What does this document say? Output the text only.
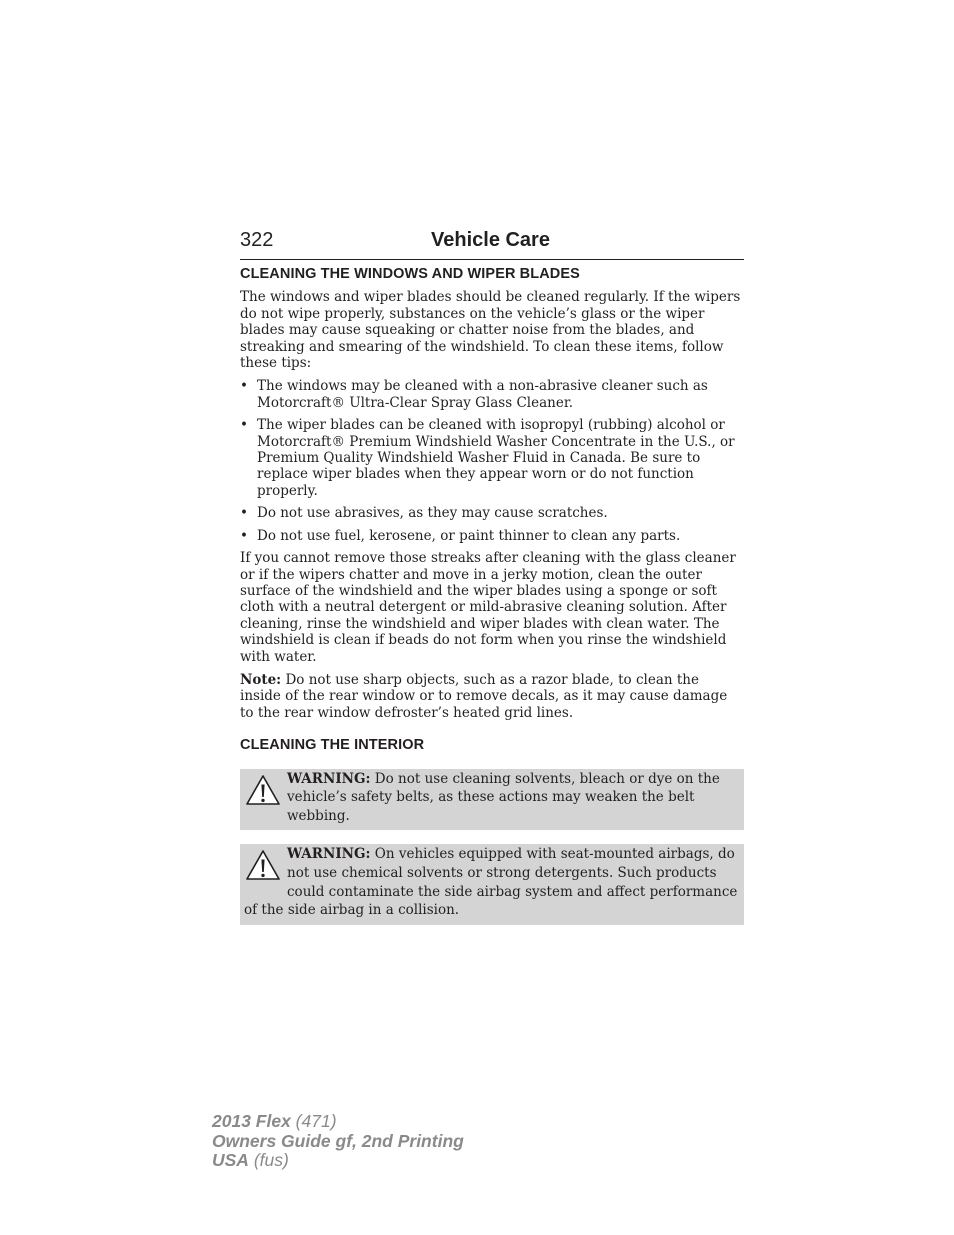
322	Vehicle Care
CLEANING THE WINDOWS AND WIPER BLADES

The windows and wiper blades should be cleaned regularly. If the wipers do not wipe properly, substances on the vehicle’s glass or the wiper blades may cause squeaking or chatter noise from the blades, and streaking and smearing of the windshield. To clean these items, follow these tips:

• The windows may be cleaned with a non-abrasive cleaner such as Motorcraft® Ultra-Clear Spray Glass Cleaner.
• The wiper blades can be cleaned with isopropyl (rubbing) alcohol or Motorcraft® Premium Windshield Washer Concentrate in the U.S., or Premium Quality Windshield Washer Fluid in Canada. Be sure to replace wiper blades when they appear worn or do not function properly.
• Do not use abrasives, as they may cause scratches.
• Do not use fuel, kerosene, or paint thinner to clean any parts.

If you cannot remove those streaks after cleaning with the glass cleaner or if the wipers chatter and move in a jerky motion, clean the outer surface of the windshield and the wiper blades using a sponge or soft cloth with a neutral detergent or mild-abrasive cleaning solution. After cleaning, rinse the windshield and wiper blades with clean water. The windshield is clean if beads do not form when you rinse the windshield with water.

Note: Do not use sharp objects, such as a razor blade, to clean the inside of the rear window or to remove decals, as it may cause damage to the rear window defroster’s heated grid lines.

CLEANING THE INTERIOR
WARNING: Do not use cleaning solvents, bleach or dye on the vehicle’s safety belts, as these actions may weaken the belt webbing.
WARNING: On vehicles equipped with seat-mounted airbags, do not use chemical solvents or strong detergents. Such products could contaminate the side airbag system and affect performance of the side airbag in a collision.
2013 Flex (471)
Owners Guide gf, 2nd Printing
USA (fus)
